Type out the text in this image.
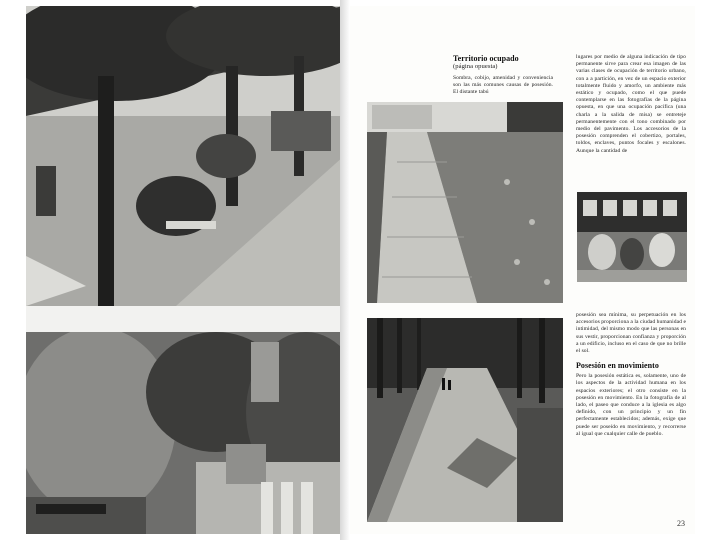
Territorio ocupado

(página opuesta)

Sombra, cobijo, amenidad y conveniencia son las más comunes causas de posesión. El distante tabú

lugares por medio de alguna indicación de tipo permanente sirve para crear esa imagen de las varias clases de ocupación de territorio urbano, con a a partición, en vez de un espacio exterior totalmente fluido y amorfo, un ambiente más estático y ocupado, como el que puede contemplarse en las fotografías de la página opuesta, en que una ocupación pacífica (una charla a la salida de misa) se entreteje permanentemente con el tono combinado por medio del pavimento. Los accesorios de la posesión comprenden el cobertizo, portales, toldos, enclaves, puntos focales y escalones. Aunque la cantidad de

posesión sea mínima, su perpetuación en los accesorios proporciona a la ciudad humanidad e intimidad, del mismo modo que las personas en sus vestir, proporcionan confianza y proporción a un edificio, incluso en el caso de que no brille el sol.

Posesión en movimiento

Pero la posesión estática es, solamente, uno de los aspectos de la actividad humana en los espacios exteriores; el otro consiste en la posesión en movimiento. En la fotografía de al lado, el paseo que conduce a la iglesia es algo definido, con un principio y un fin perfectamente establecidos; además, exige que puede ser poseído en movimiento, y recorrerse al igual que cualquier calle de pueblo.

23
